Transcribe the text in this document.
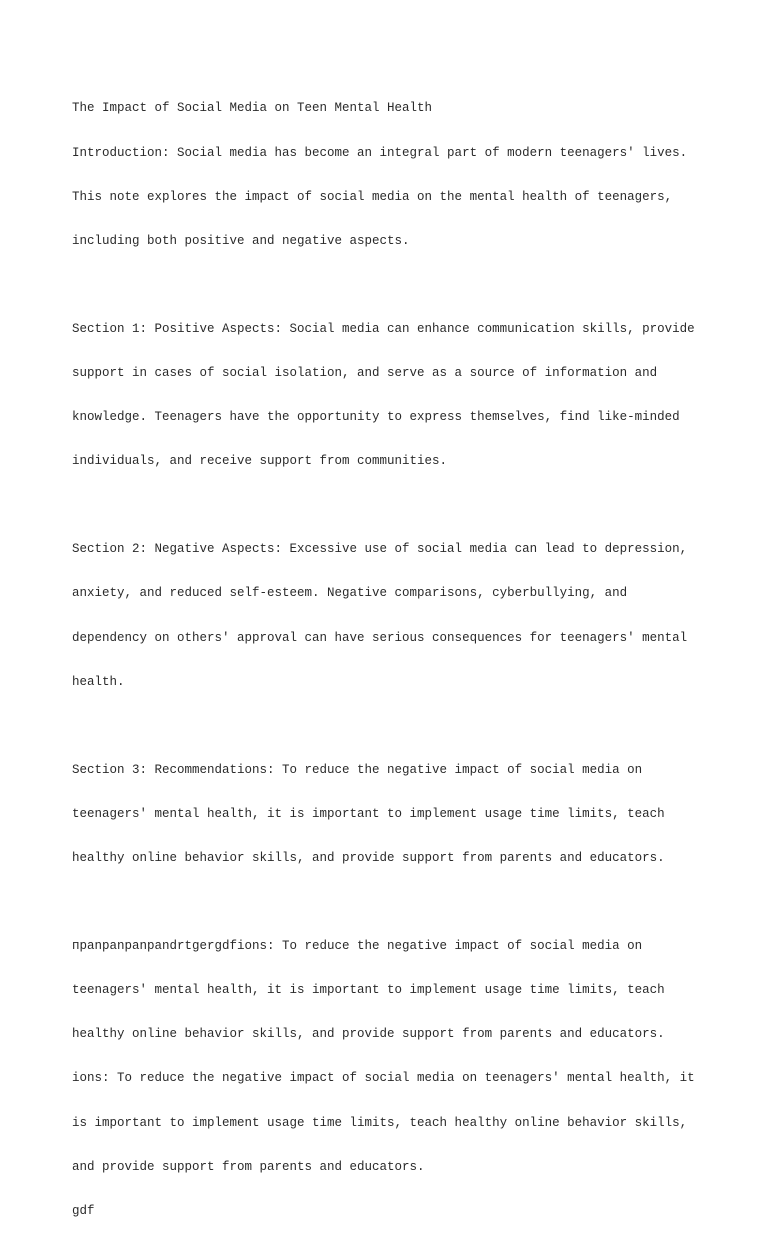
The Impact of Social Media on Teen Mental Health

Introduction: Social media has become an integral part of modern teenagers' lives.

This note explores the impact of social media on the mental health of teenagers,

including both positive and negative aspects.

Section 1: Positive Aspects: Social media can enhance communication skills, provide

support in cases of social isolation, and serve as a source of information and

knowledge. Teenagers have the opportunity to express themselves, find like-minded

individuals, and receive support from communities.

Section 2: Negative Aspects: Excessive use of social media can lead to depression,

anxiety, and reduced self-esteem. Negative comparisons, cyberbullying, and

dependency on others' approval can have serious consequences for teenagers' mental

health.

Section 3: Recommendations: To reduce the negative impact of social media on

teenagers' mental health, it is important to implement usage time limits, teach

healthy online behavior skills, and provide support from parents and educators.

пpanpanpanpandrtgergdfions: To reduce the negative impact of social media on

teenagers' mental health, it is important to implement usage time limits, teach

healthy online behavior skills, and provide support from parents and educators.

ions: To reduce the negative impact of social media on teenagers' mental health, it

is important to implement usage time limits, teach healthy online behavior skills,

and provide support from parents and educators.

gdf
